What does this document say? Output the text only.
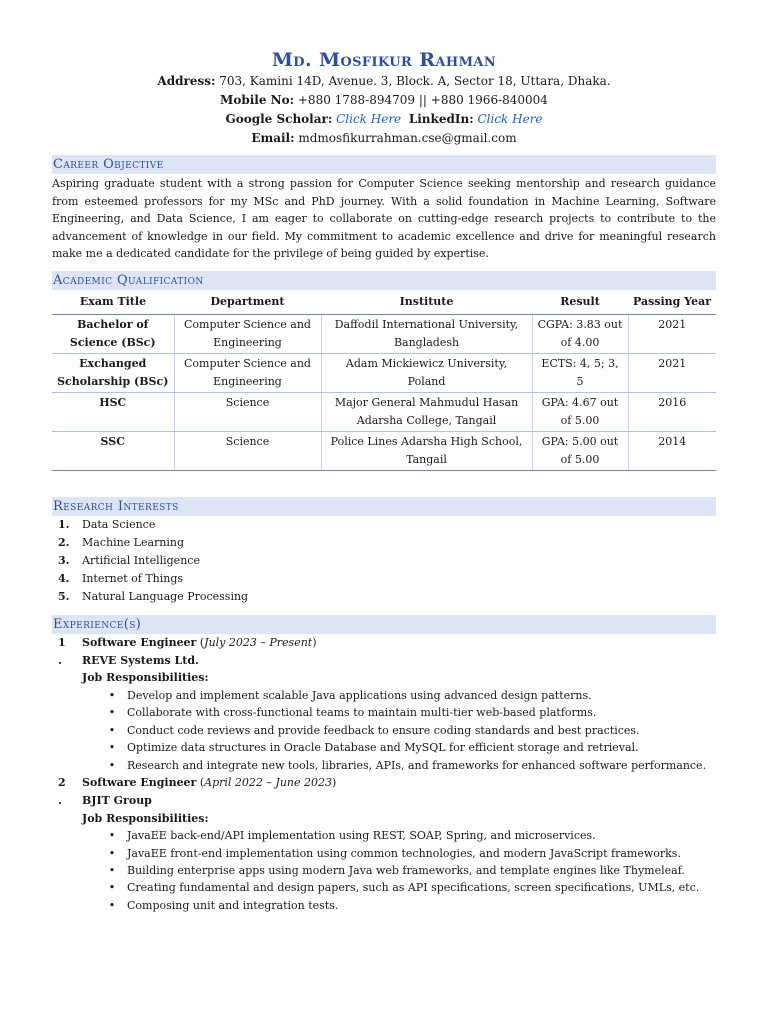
Md. Mosfikur Rahman
Address: 703, Kamini 14D, Avenue. 3, Block. A, Sector 18, Uttara, Dhaka.
Mobile No: +880 1788-894709 || +880 1966-840004
Google Scholar: Click Here LinkedIn: Click Here
Email: mdmosfikurrahman.cse@gmail.com
Career Objective
Aspiring graduate student with a strong passion for Computer Science seeking mentorship and research guidance from esteemed professors for my MSc and PhD journey. With a solid foundation in Machine Learning, Software Engineering, and Data Science, I am eager to collaborate on cutting-edge research projects to contribute to the advancement of knowledge in our field. My commitment to academic excellence and drive for meaningful research make me a dedicated candidate for the privilege of being guided by expertise.
Academic Qualification
Exam Title	Department	Institute	Result	Passing Year
Bachelor of Science (BSc)	Computer Science and Engineering	Daffodil International University, Bangladesh	CGPA: 3.83 out of 4.00	2021
Exchanged Scholarship (BSc)	Computer Science and Engineering	Adam Mickiewicz University, Poland	ECTS: 4, 5; 3, 5	2021
HSC	Science	Major General Mahmudul Hasan Adarsha College, Tangail	GPA: 4.67 out of 5.00	2016
SSC	Science	Police Lines Adarsha High School, Tangail	GPA: 5.00 out of 5.00	2014
Research Interests
1.	Data Science
2.	Machine Learning
3.	Artificial Intelligence
4.	Internet of Things
5.	Natural Language Processing
Experience(s)
1	Software Engineer (July 2023 – Present)
.	REVE Systems Ltd.
Job Responsibilities:
•	Develop and implement scalable Java applications using advanced design patterns.
•	Collaborate with cross-functional teams to maintain multi-tier web-based platforms.
•	Conduct code reviews and provide feedback to ensure coding standards and best practices.
•	Optimize data structures in Oracle Database and MySQL for efficient storage and retrieval.
•	Research and integrate new tools, libraries, APIs, and frameworks for enhanced software performance.
2	Software Engineer (April 2022 – June 2023)
.	BJIT Group
Job Responsibilities:
•	JavaEE back-end/API implementation using REST, SOAP, Spring, and microservices.
•	JavaEE front-end implementation using common technologies, and modern JavaScript frameworks.
•	Building enterprise apps using modern Java web frameworks, and template engines like Thymeleaf.
•	Creating fundamental and design papers, such as API specifications, screen specifications, UMLs, etc.
•	Composing unit and integration tests.
